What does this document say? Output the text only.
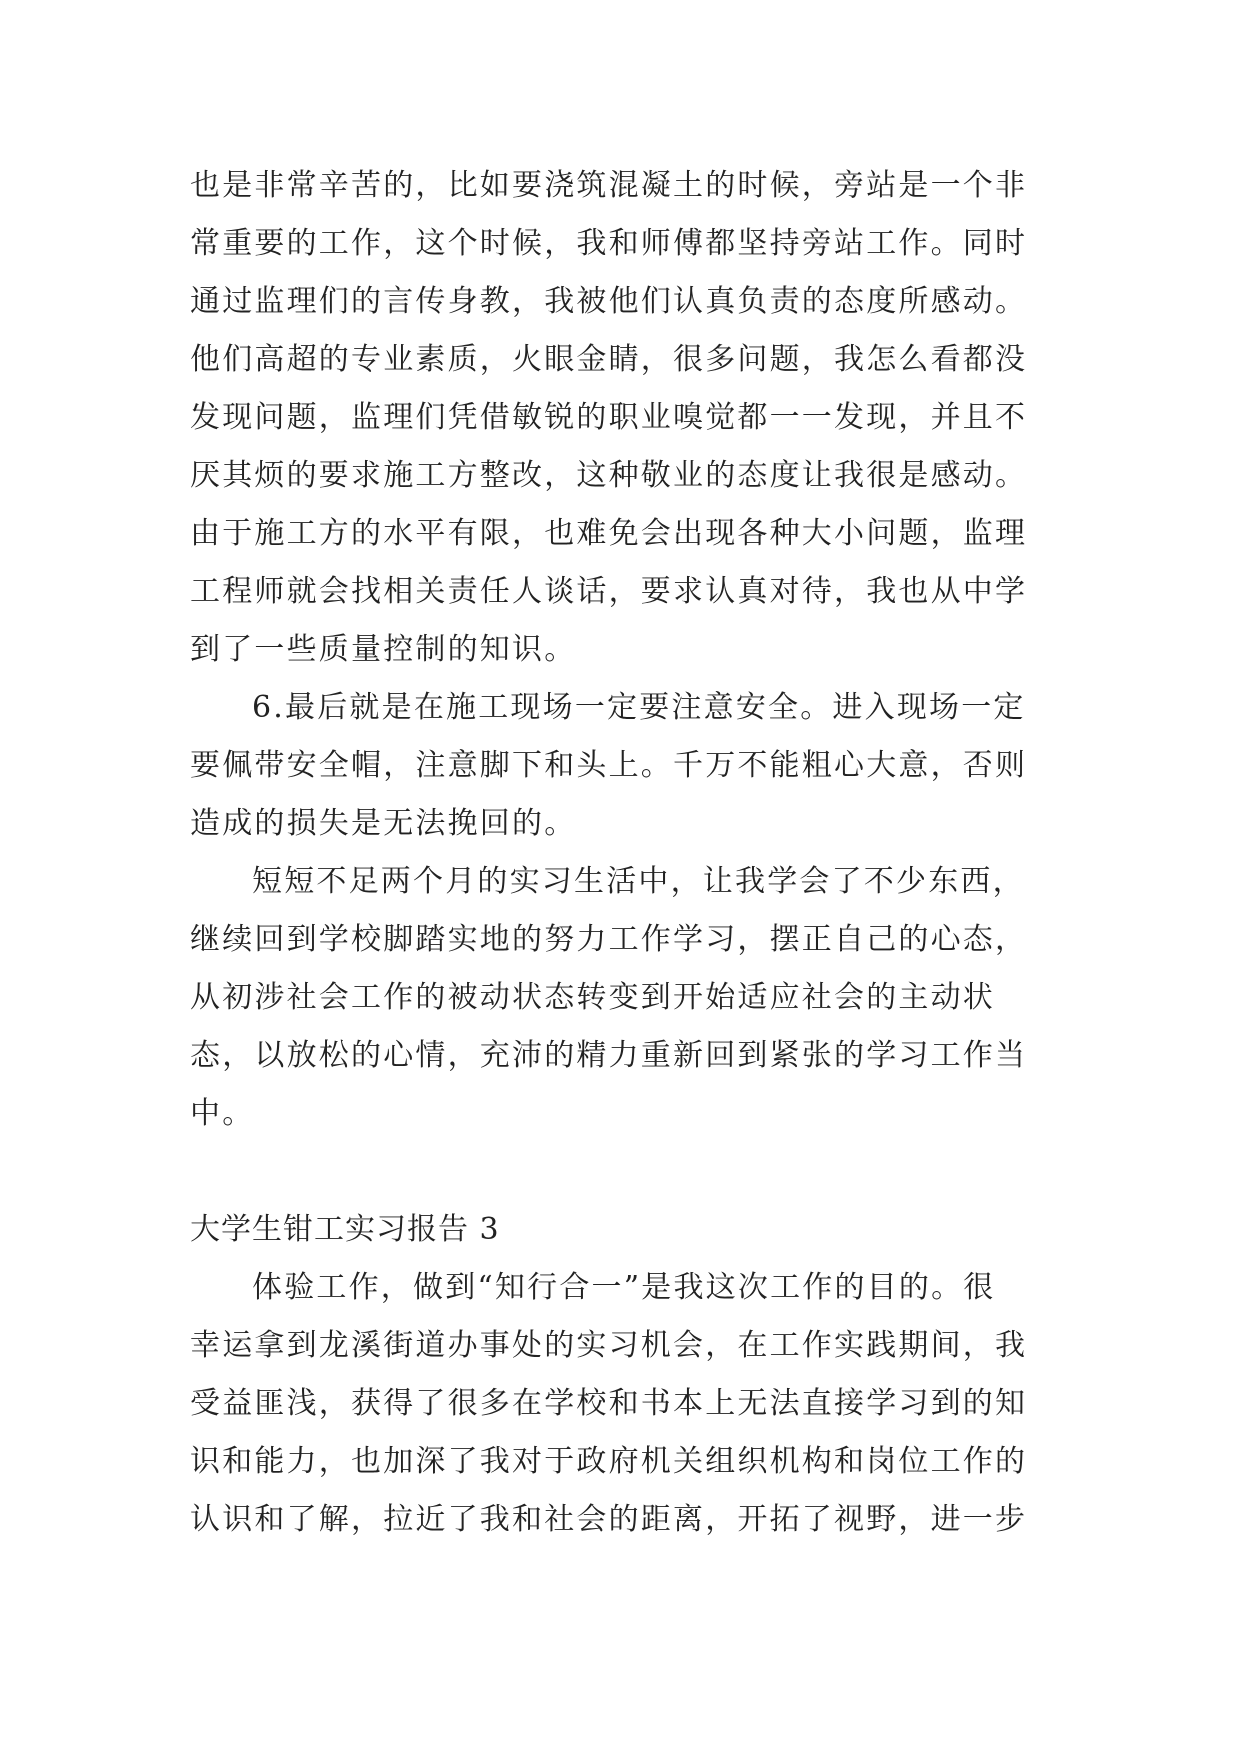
也是非常辛苦的，比如要浇筑混凝土的时候，旁站是一个非
常重要的工作，这个时候，我和师傅都坚持旁站工作。同时
通过监理们的言传身教，我被他们认真负责的态度所感动。
他们高超的专业素质，火眼金睛，很多问题，我怎么看都没
发现问题，监理们凭借敏锐的职业嗅觉都一一发现，并且不
厌其烦的要求施工方整改，这种敬业的态度让我很是感动。
由于施工方的水平有限，也难免会出现各种大小问题，监理
工程师就会找相关责任人谈话，要求认真对待，我也从中学
到了一些质量控制的知识。
6.最后就是在施工现场一定要注意安全。进入现场一定
要佩带安全帽，注意脚下和头上。千万不能粗心大意，否则
造成的损失是无法挽回的。
短短不足两个月的实习生活中，让我学会了不少东西，
继续回到学校脚踏实地的努力工作学习，摆正自己的心态，
从初涉社会工作的被动状态转变到开始适应社会的主动状
态，以放松的心情，充沛的精力重新回到紧张的学习工作当
中。
大学生钳工实习报告 3
体验工作，做到“知行合一”是我这次工作的目的。很
幸运拿到龙溪街道办事处的实习机会，在工作实践期间，我
受益匪浅，获得了很多在学校和书本上无法直接学习到的知
识和能力，也加深了我对于政府机关组织机构和岗位工作的
认识和了解，拉近了我和社会的距离，开拓了视野，进一步
